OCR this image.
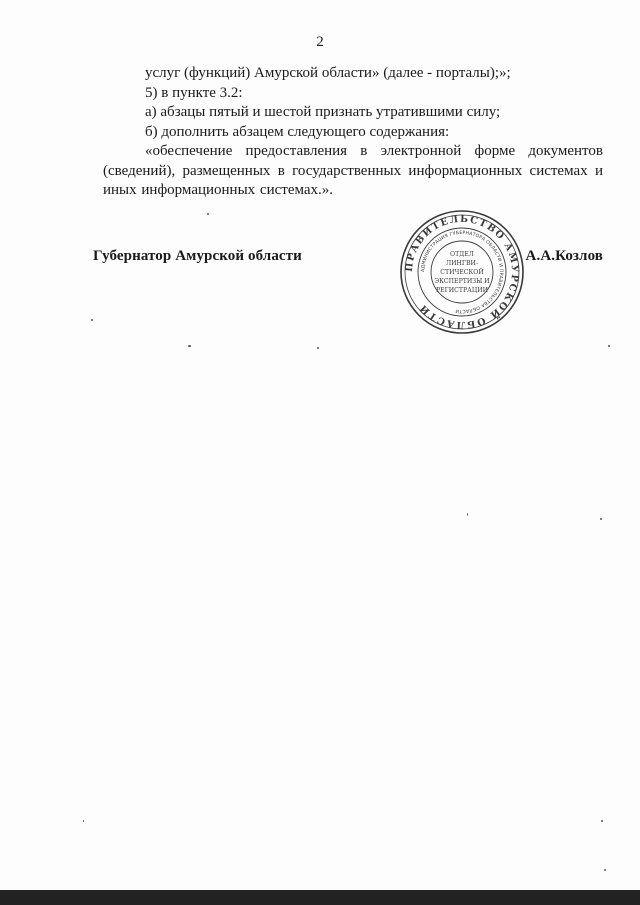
2

услуг (функций) Амурской области» (далее - порталы);»;

5) в пункте 3.2:

а) абзацы пятый и шестой признать утратившими силу;

б) дополнить абзацем следующего содержания:

«обеспечение предоставления в электронной форме документов (сведений), размещенных в государственных информационных системах и иных информационных системах.».

Губернатор Амурской области	А.А.Козлов
ПРАВИТЕЛЬСТВО АМУРСКОЙ ОБЛАСТИ
АДМИНИСТРАЦИЯ ГУБЕРНАТОРА ОБЛАСТИ И ПРАВИТЕЛЬСТВА ОБЛАСТИ
ОТДЕЛ
ЛИНГВИ-
СТИЧЕСКОЙ
ЭКСПЕРТИЗЫ И
РЕГИСТРАЦИИ
